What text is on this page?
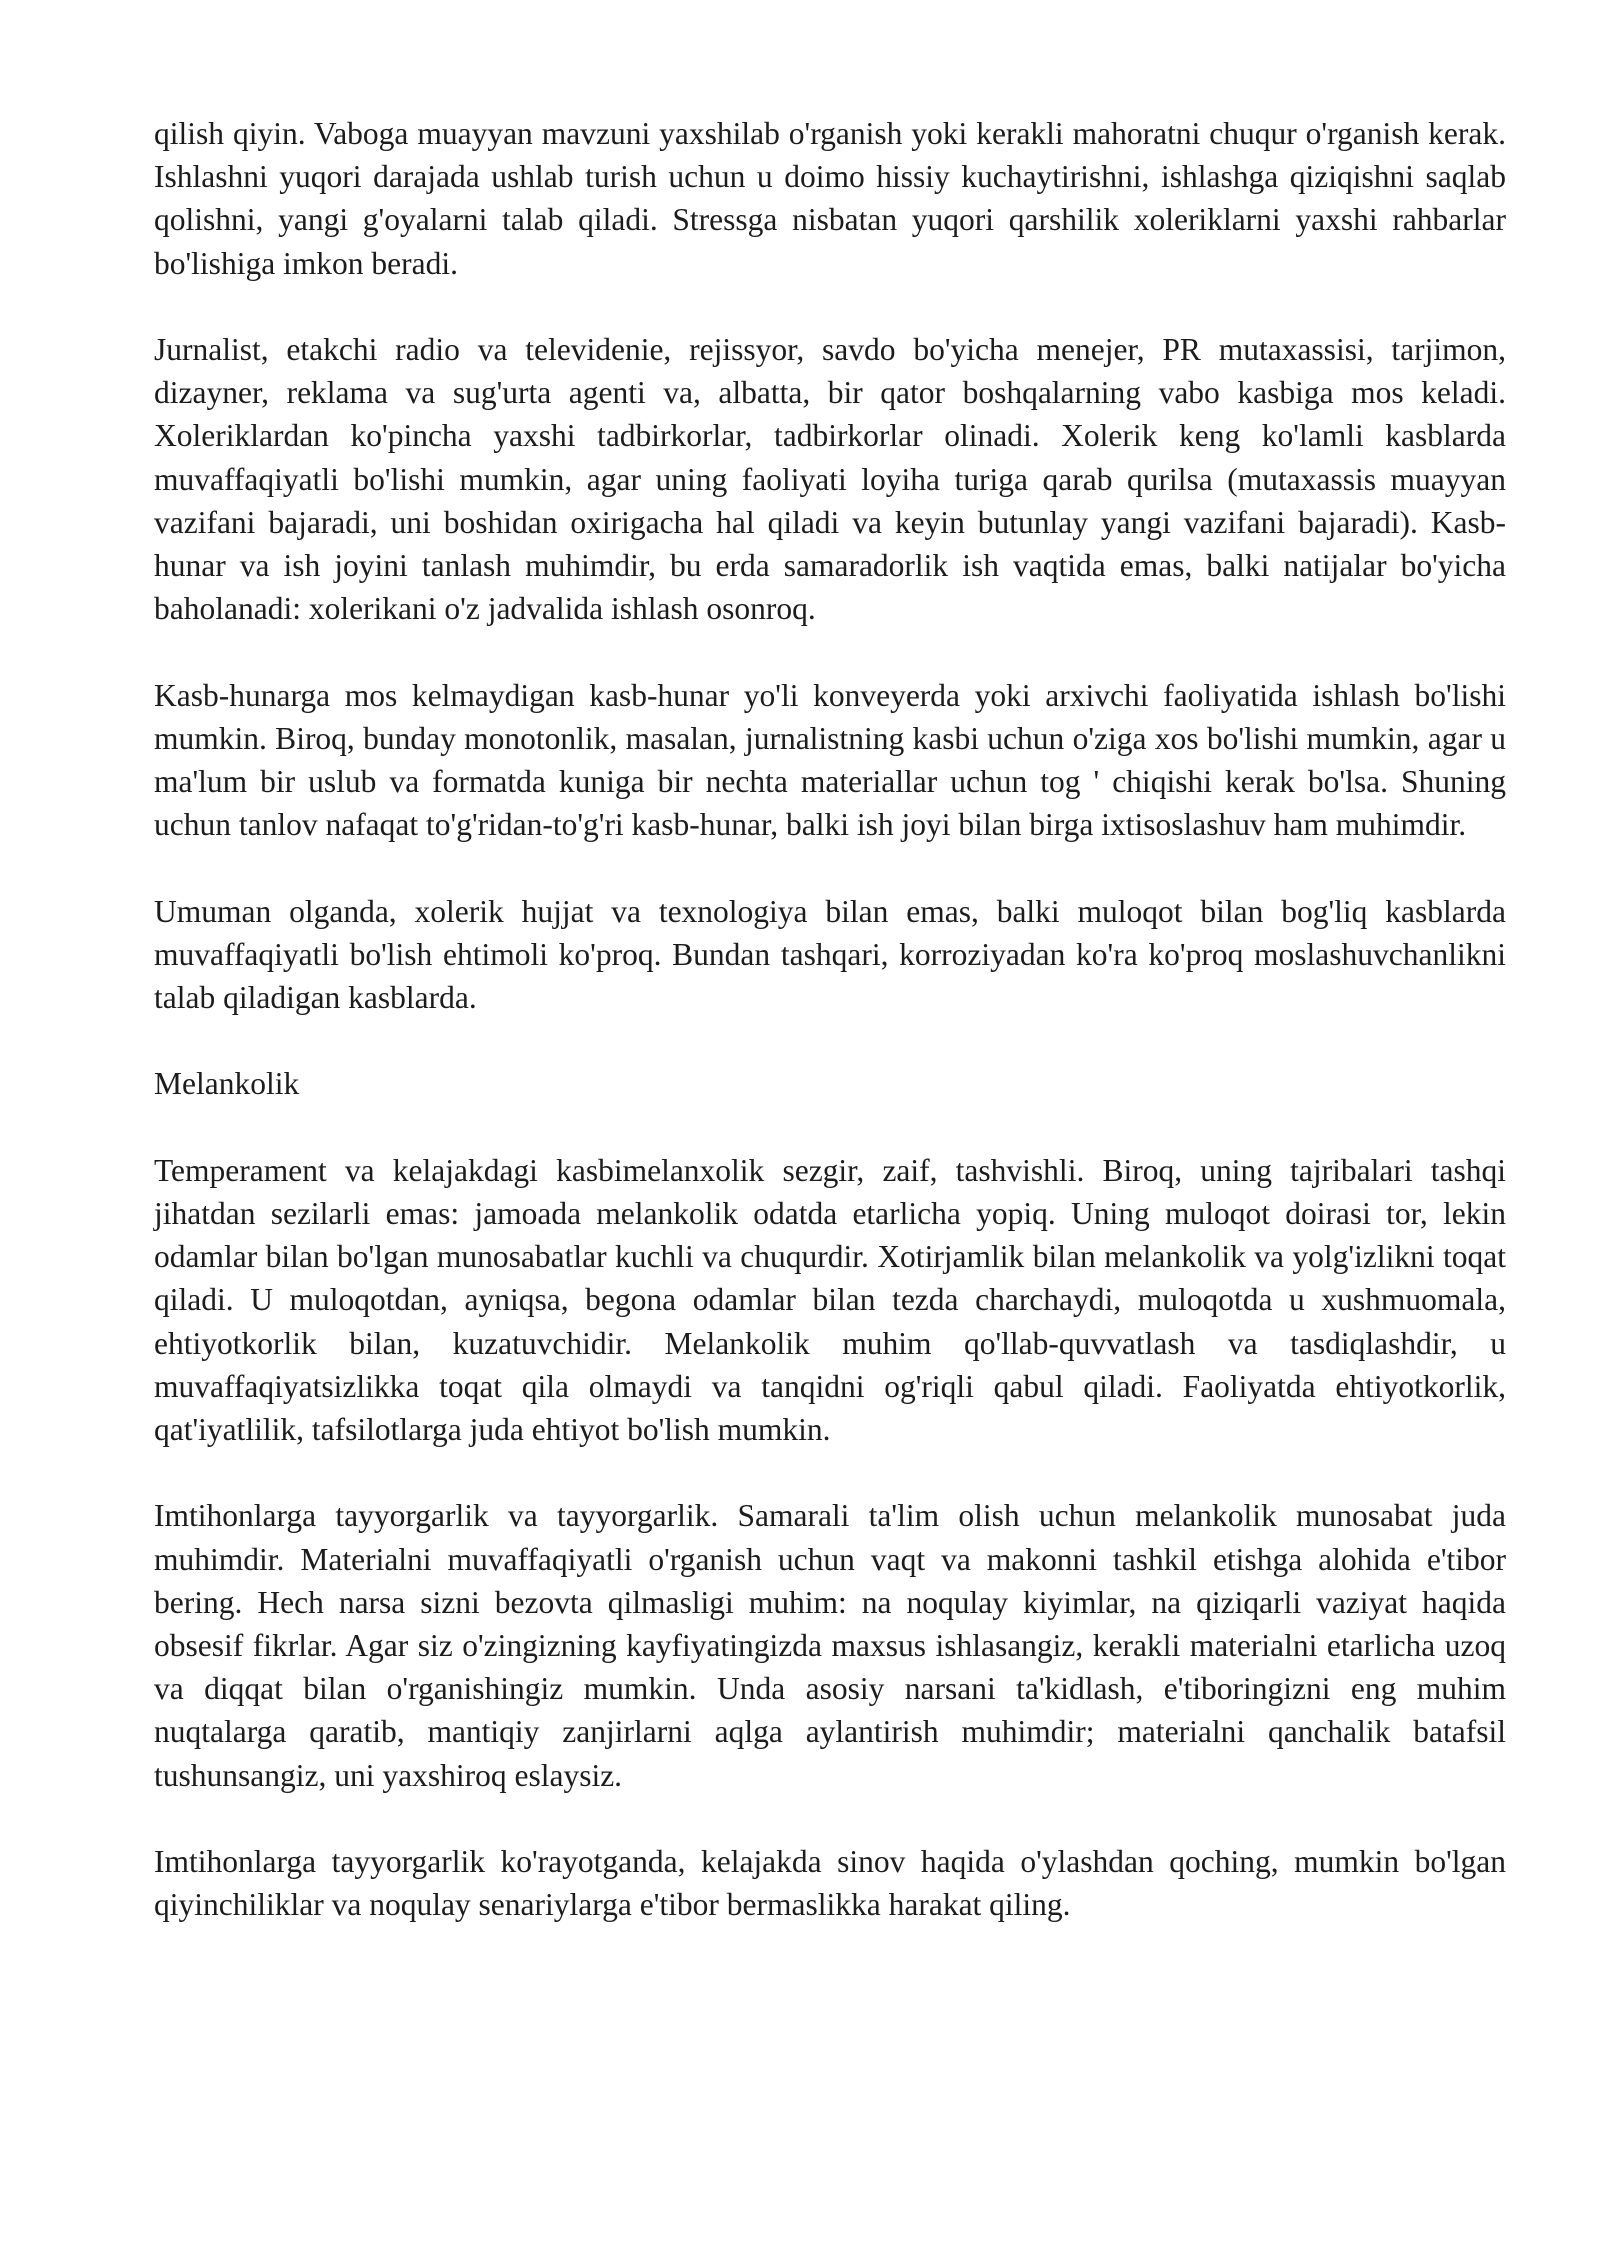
qilish qiyin. Vaboga muayyan mavzuni yaxshilab o'rganish yoki kerakli mahoratni chuqur o'rganish kerak. Ishlashni yuqori darajada ushlab turish uchun u doimo hissiy kuchaytirishni, ishlashga qiziqishni saqlab qolishni, yangi g'oyalarni talab qiladi. Stressga nisbatan yuqori qarshilik xoleriklarni yaxshi rahbarlar bo'lishiga imkon beradi.

Jurnalist, etakchi radio va televidenie, rejissyor, savdo bo'yicha menejer, PR mutaxassisi, tarjimon, dizayner, reklama va sug'urta agenti va, albatta, bir qator boshqalarning vabo kasbiga mos keladi. Xoleriklardan ko'pincha yaxshi tadbirkorlar, tadbirkorlar olinadi. Xolerik keng ko'lamli kasblarda muvaffaqiyatli bo'lishi mumkin, agar uning faoliyati loyiha turiga qarab qurilsa (mutaxassis muayyan vazifani bajaradi, uni boshidan oxirigacha hal qiladi va keyin butunlay yangi vazifani bajaradi). Kasb-hunar va ish joyini tanlash muhimdir, bu erda samaradorlik ish vaqtida emas, balki natijalar bo'yicha baholanadi: xolerikani o'z jadvalida ishlash osonroq.

Kasb-hunarga mos kelmaydigan kasb-hunar yo'li konveyerda yoki arxivchi faoliyatida ishlash bo'lishi mumkin. Biroq, bunday monotonlik, masalan, jurnalistning kasbi uchun o'ziga xos bo'lishi mumkin, agar u ma'lum bir uslub va formatda kuniga bir nechta materiallar uchun tog ' chiqishi kerak bo'lsa. Shuning uchun tanlov nafaqat to'g'ridan-to'g'ri kasb-hunar, balki ish joyi bilan birga ixtisoslashuv ham muhimdir.

Umuman olganda, xolerik hujjat va texnologiya bilan emas, balki muloqot bilan bog'liq kasblarda muvaffaqiyatli bo'lish ehtimoli ko'proq. Bundan tashqari, korroziyadan ko'ra ko'proq moslashuvchanlikni talab qiladigan kasblarda.

Melankolik

Temperament va kelajakdagi kasbimelanxolik sezgir, zaif, tashvishli. Biroq, uning tajribalari tashqi jihatdan sezilarli emas: jamoada melankolik odatda etarlicha yopiq. Uning muloqot doirasi tor, lekin odamlar bilan bo'lgan munosabatlar kuchli va chuqurdir. Xotirjamlik bilan melankolik va yolg'izlikni toqat qiladi. U muloqotdan, ayniqsa, begona odamlar bilan tezda charchaydi, muloqotda u xushmuomala, ehtiyotkorlik bilan, kuzatuvchidir. Melankolik muhim qo'llab-quvvatlash va tasdiqlashdir, u muvaffaqiyatsizlikka toqat qila olmaydi va tanqidni og'riqli qabul qiladi. Faoliyatda ehtiyotkorlik, qat'iyatlilik, tafsilotlarga juda ehtiyot bo'lish mumkin.

Imtihonlarga tayyorgarlik va tayyorgarlik. Samarali ta'lim olish uchun melankolik munosabat juda muhimdir. Materialni muvaffaqiyatli o'rganish uchun vaqt va makonni tashkil etishga alohida e'tibor bering. Hech narsa sizni bezovta qilmasligi muhim: na noqulay kiyimlar, na qiziqarli vaziyat haqida obsesif fikrlar. Agar siz o'zingizning kayfiyatingizda maxsus ishlasangiz, kerakli materialni etarlicha uzoq va diqqat bilan o'rganishingiz mumkin. Unda asosiy narsani ta'kidlash, e'tiboringizni eng muhim nuqtalarga qaratib, mantiqiy zanjirlarni aqlga aylantirish muhimdir; materialni qanchalik batafsil tushunsangiz, uni yaxshiroq eslaysiz.

Imtihonlarga tayyorgarlik ko'rayotganda, kelajakda sinov haqida o'ylashdan qoching, mumkin bo'lgan qiyinchiliklar va noqulay senariylarga e'tibor bermaslikka harakat qiling.
